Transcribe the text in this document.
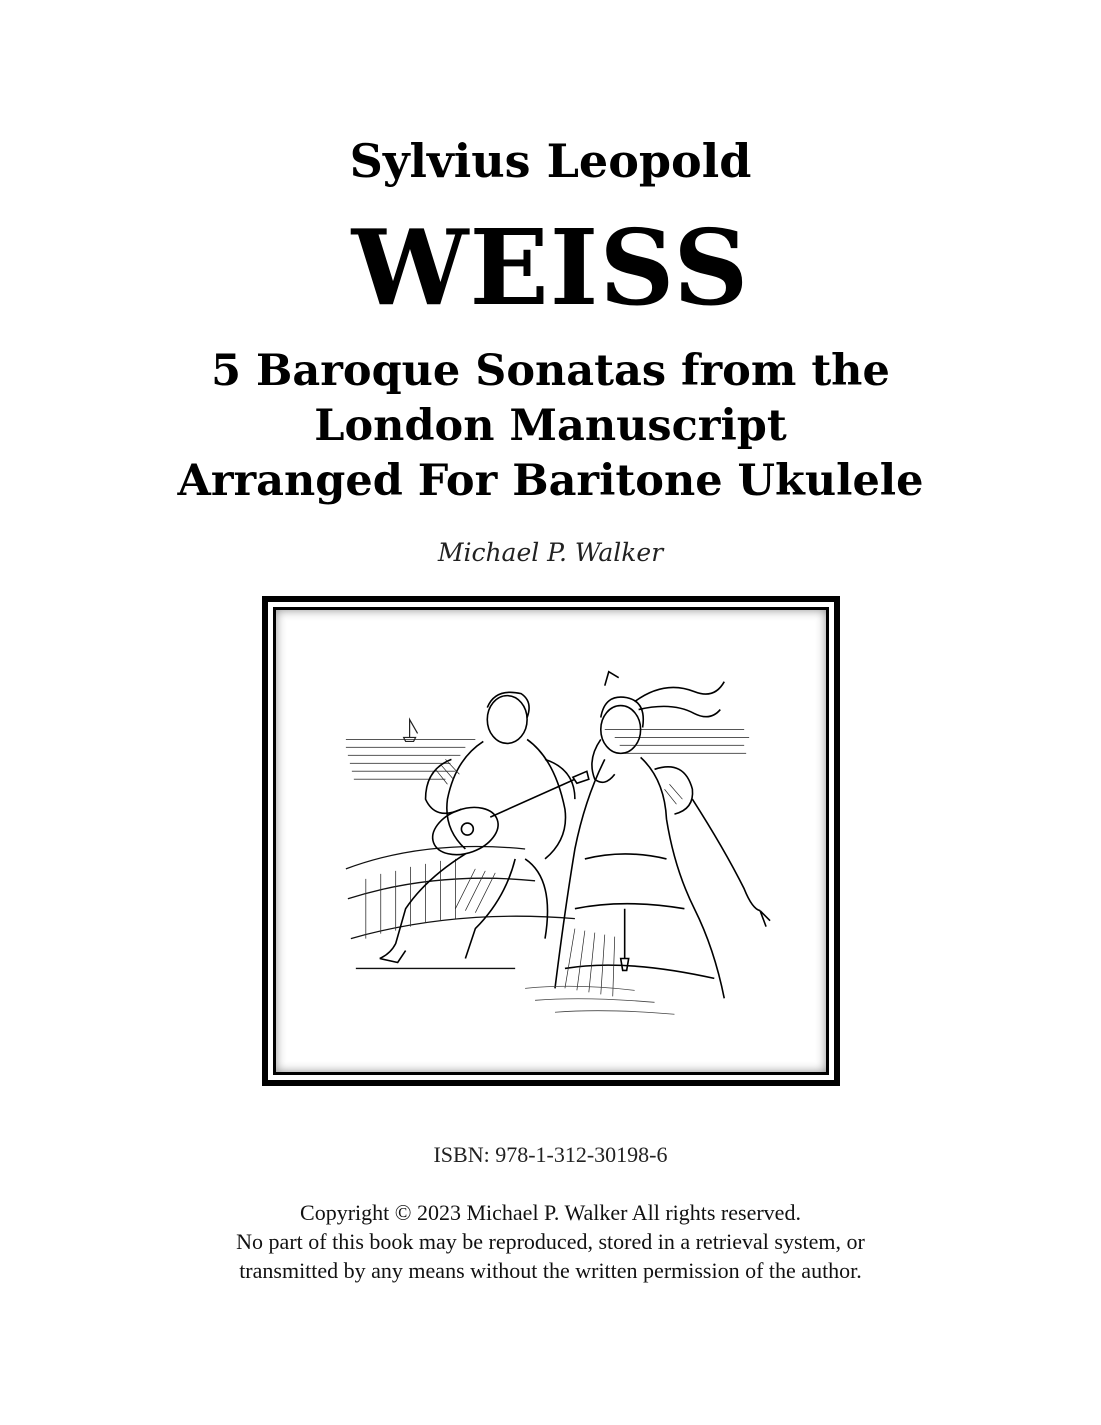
Sylvius Leopold
WEISS
5 Baroque Sonatas from the
London Manuscript
Arranged For Baritone Ukulele
Michael P. Walker
ISBN: 978-1-312-30198-6
Copyright © 2023 Michael P. Walker All rights reserved.
No part of this book may be reproduced, stored in a retrieval system, or
transmitted by any means without the written permission of the author.
